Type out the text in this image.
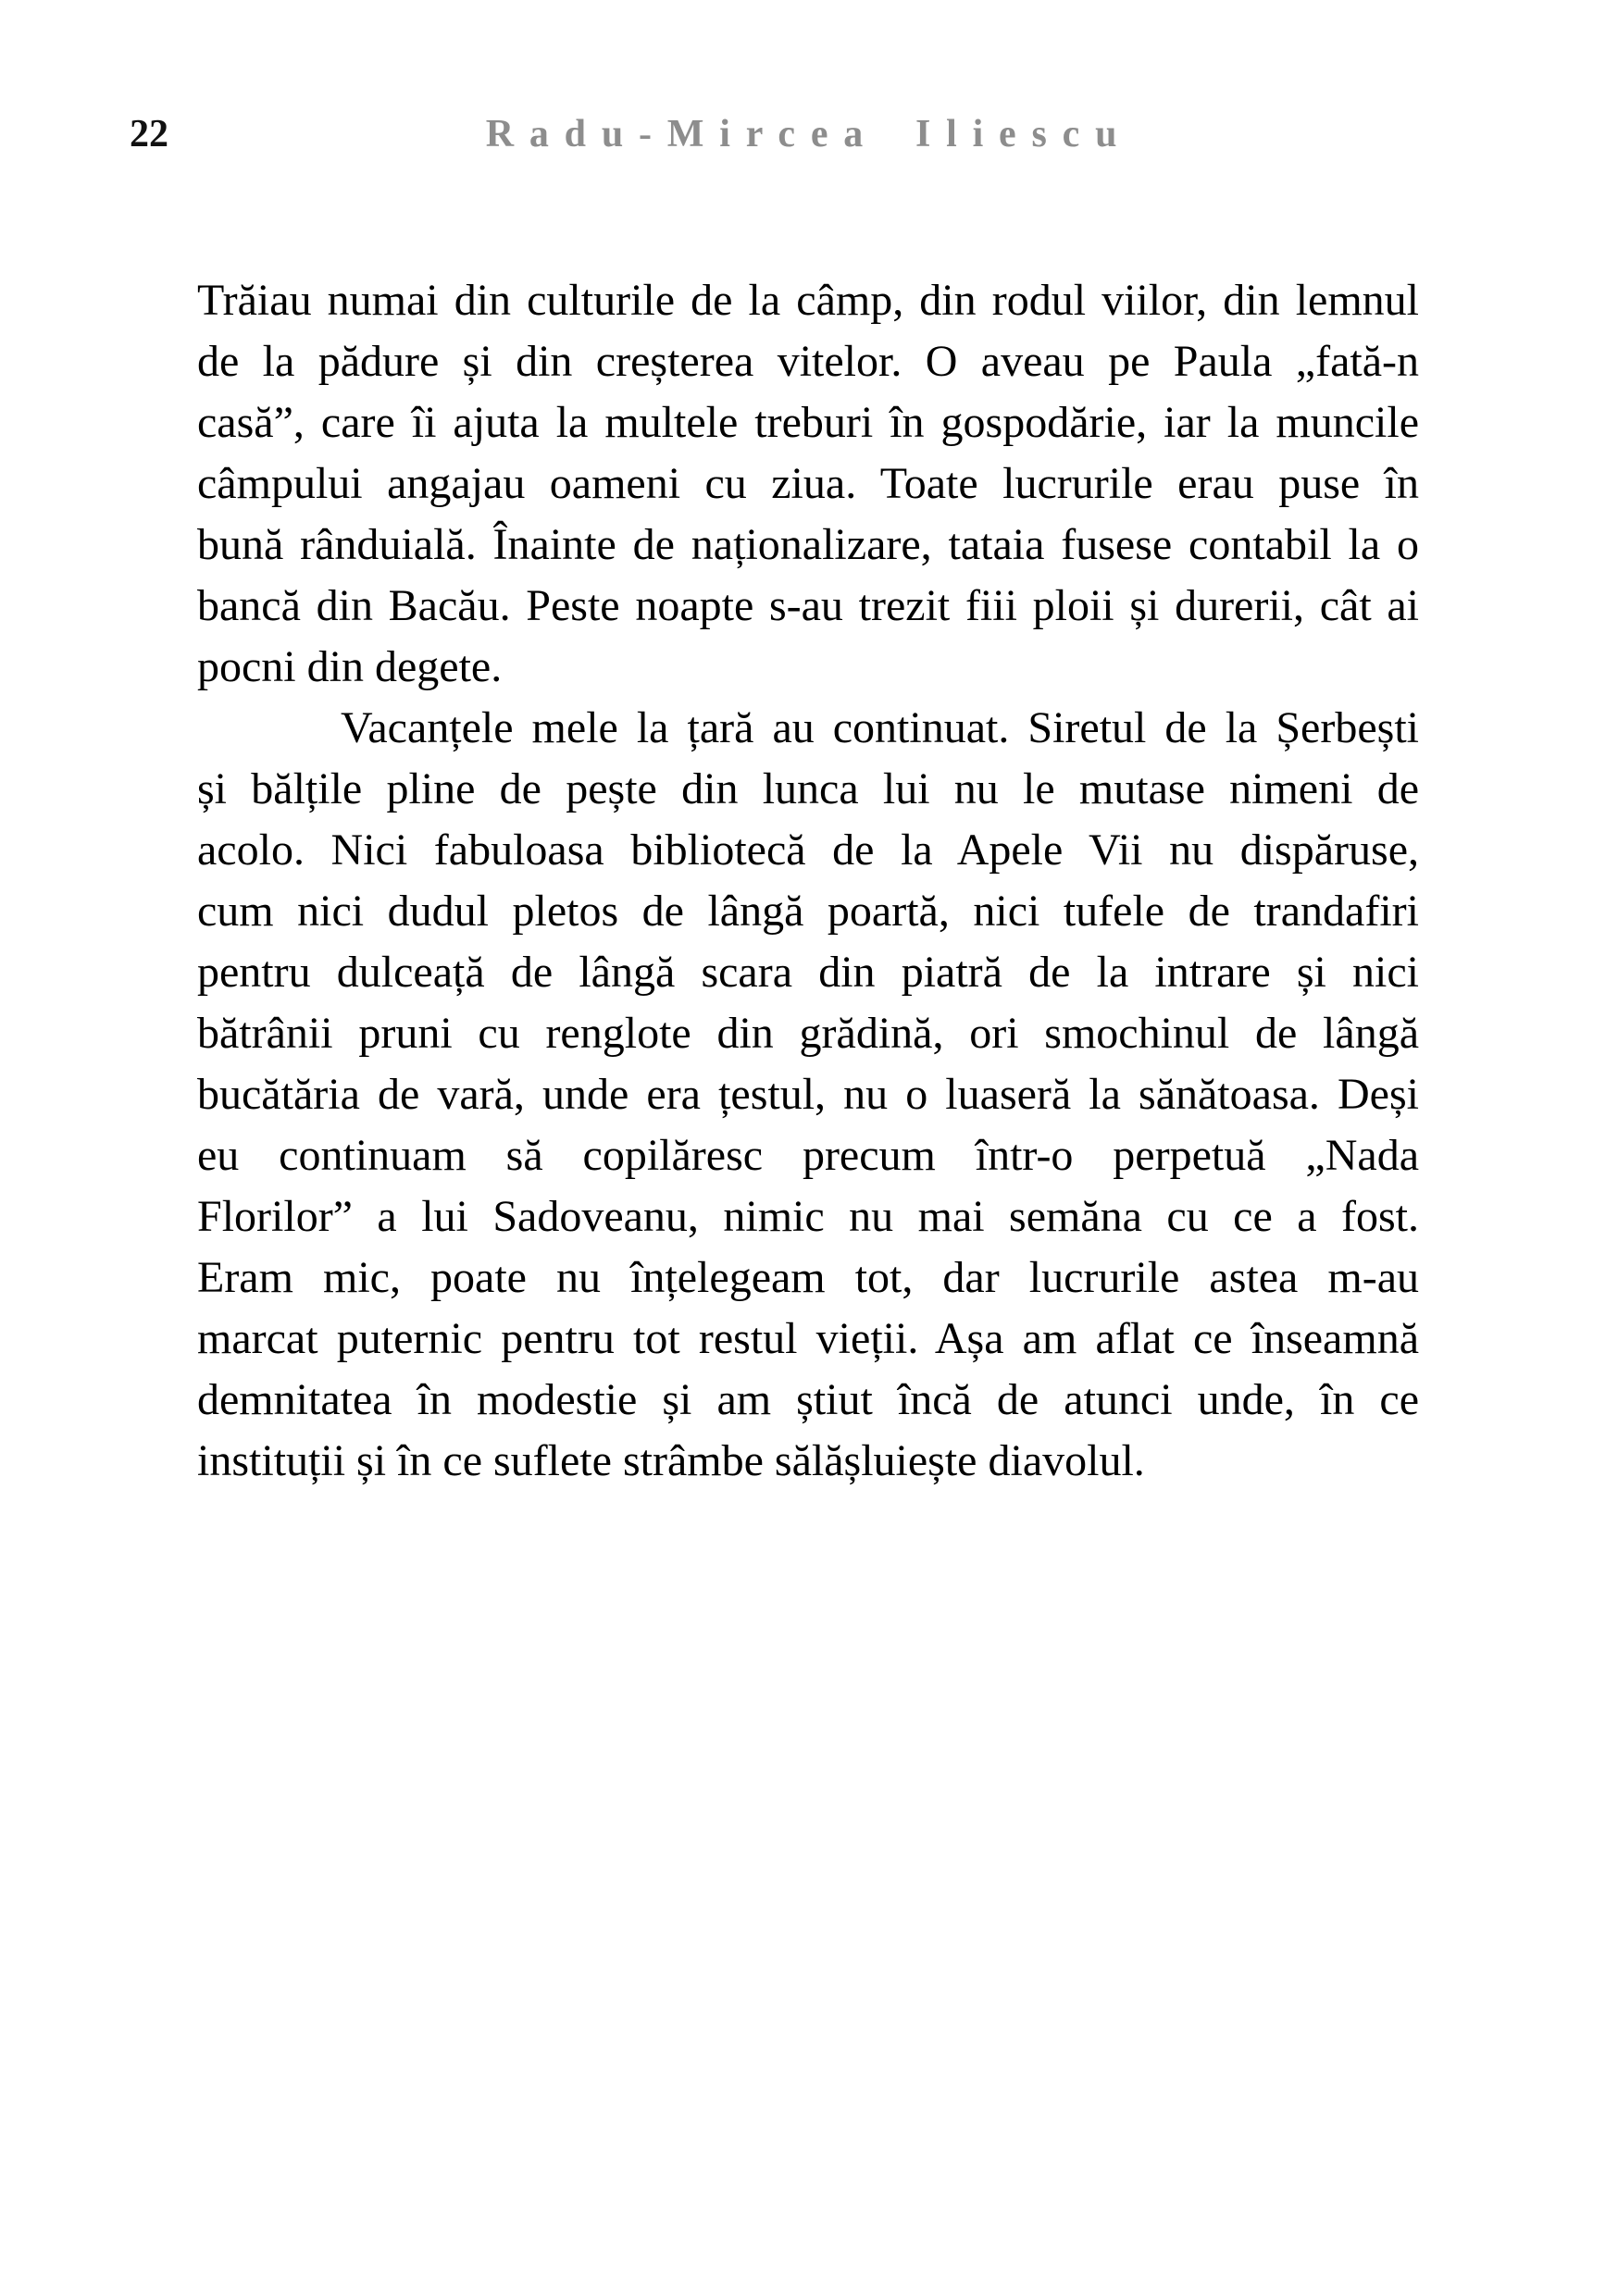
22	Radu-Mircea Iliescu
Trăiau numai din culturile de la câmp, din rodul viilor, din lemnul
de la pădure și din creșterea vitelor. O aveau pe Paula „fată-n
casă”, care îi ajuta la multele treburi în gospodărie, iar la muncile
câmpului angajau oameni cu ziua. Toate lucrurile erau puse în
bună rânduială. Înainte de naționalizare, tataia fusese contabil la o
bancă din Bacău. Peste noapte s-au trezit fiii ploii și durerii, cât ai
pocni din degete.
Vacanțele mele la țară au continuat. Siretul de la Șerbești
și bălțile pline de pește din lunca lui nu le mutase nimeni de
acolo. Nici fabuloasa bibliotecă de la Apele Vii nu dispăruse,
cum nici dudul pletos de lângă poartă, nici tufele de trandafiri
pentru dulceață de lângă scara din piatră de la intrare și nici
bătrânii pruni cu renglote din grădină, ori smochinul de lângă
bucătăria de vară, unde era țestul, nu o luaseră la sănătoasa. Deși
eu continuam să copilăresc precum într-o perpetuă „Nada
Florilor” a lui Sadoveanu, nimic nu mai semăna cu ce a fost.
Eram mic, poate nu înțelegeam tot, dar lucrurile astea m-au
marcat puternic pentru tot restul vieții. Așa am aflat ce înseamnă
demnitatea în modestie și am știut încă de atunci unde, în ce
instituții și în ce suflete strâmbe sălășluiește diavolul.
